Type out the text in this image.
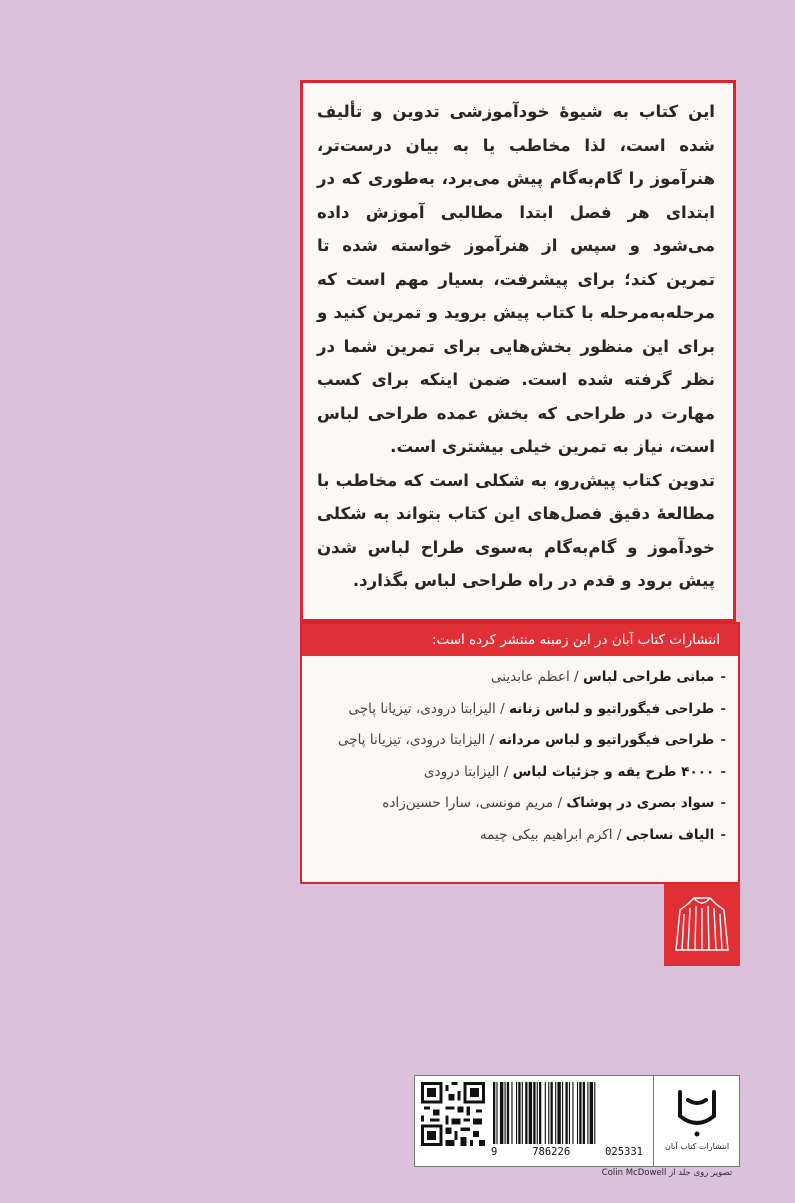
این کتاب به شیوهٔ خودآموزشی تدوین و تألیف شده است، لذا مخاطب یا به بیان درست‌تر، هنرآموز را گام‌به‌گام پیش می‌برد، به‌طوری که در ابتدای هر فصل ابتدا مطالبی آموزش داده می‌شود و سپس از هنرآموز خواسته شده تا تمرین کند؛ برای پیشرفت، بسیار مهم است که مرحله‌به‌مرحله با کتاب پیش بروید و تمرین کنید و برای این منظور بخش‌هایی برای تمرین شما در نظر گرفته شده است. ضمن اینکه برای کسب مهارت در طراحی که بخش عمده طراحی لباس است، نیاز به تمرین خیلی بیشتری است.

تدوین کتاب پیش‌رو، به شکلی است که مخاطب با مطالعهٔ دقیق فصل‌های این کتاب بتواند به شکلی خودآموز و گام‌به‌گام به‌سوی طراح لباس شدن پیش برود و قدم در راه طراحی لباس بگذارد.

انتشارات کتاب آبان در این زمینه منتشر کرده است:
-مبانی طراحی لباس / اعظم عابدینی
-طراحی فیگوراتیو و لباس زنانه / الیزابتا درودی، تیزیانا پاچی
-طراحی فیگوراتیو و لباس مردانه / الیزابتا درودی، تیزیانا پاچی
-۴۰۰۰ طرح یقه و جزئیات لباس / الیزابتا درودی
-سواد بصری در پوشاک / مریم مونسی، سارا حسین‌زاده
-الیاف نساجی / اکرم ابراهیم بیکی چیمه
9	786226	025331	انتشارات کتاب آبان
تصویر روی جلد از Colin McDowell
